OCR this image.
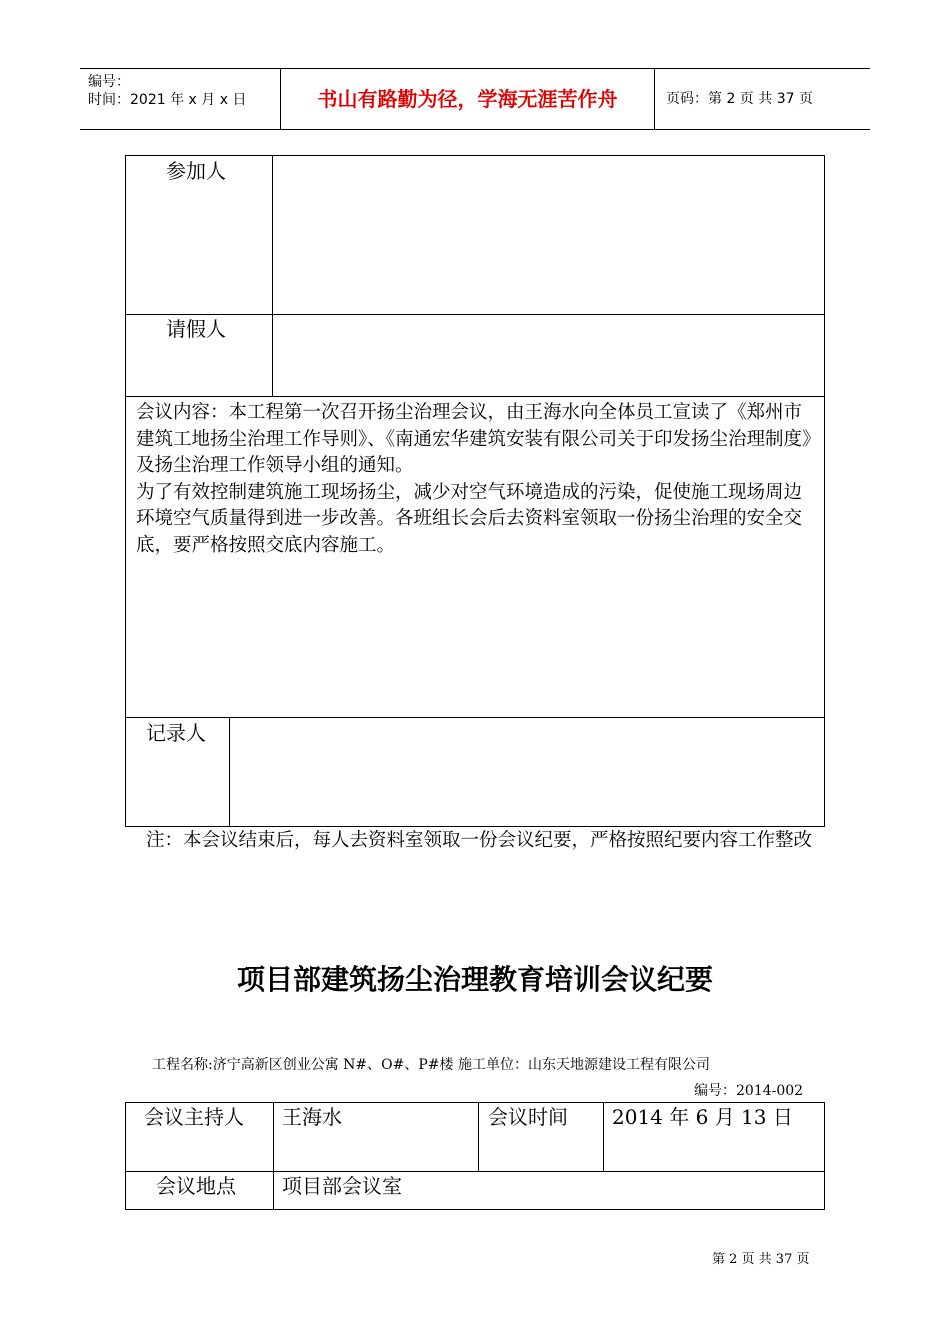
编号：
时间：2021 年 x 月 x 日	书山有路勤为径，学海无涯苦作舟	页码：第 2 页 共 37 页
参加人
请假人
会议内容：本工程第一次召开扬尘治理会议，由王海水向全体员工宣读了《郑州市建筑工地扬尘治理工作导则》、《南通宏华建筑安装有限公司关于印发扬尘治理制度》及扬尘治理工作领导小组的通知。
为了有效控制建筑施工现场扬尘，减少对空气环境造成的污染，促使施工现场周边环境空气质量得到进一步改善。各班组长会后去资料室领取一份扬尘治理的安全交底，要严格按照交底内容施工。
记录人
注：本会议结束后，每人去资料室领取一份会议纪要，严格按照纪要内容工作整改
项目部建筑扬尘治理教育培训会议纪要
工程名称:济宁高新区创业公寓 N#、O#、P#楼 施工单位：山东天地源建设工程有限公司
编号：2014-002
会议主持人 王海水	会议时间 2014 年 6 月 13 日
会议地点 项目部会议室
第 2 页 共 37 页
